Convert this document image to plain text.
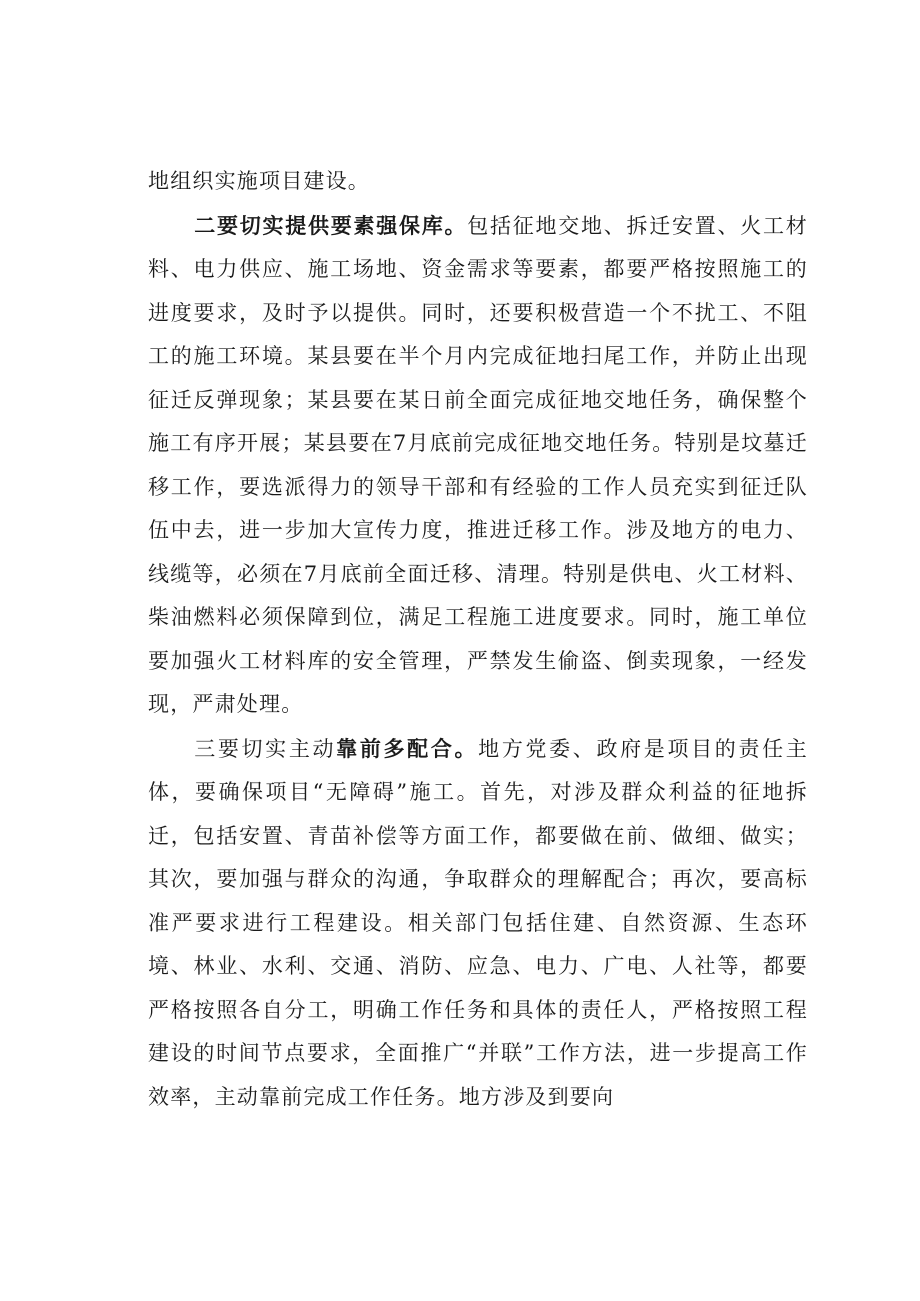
地组织实施项目建设。

二要切实提供要素强保库。包括征地交地、拆迁安置、火工材料、电力供应、施工场地、资金需求等要素，都要严格按照施工的进度要求，及时予以提供。同时，还要积极营造一个不扰工、不阻工的施工环境。某县要在半个月内完成征地扫尾工作，并防止出现征迁反弹现象；某县要在某日前全面完成征地交地任务，确保整个施工有序开展；某县要在7月底前完成征地交地任务。特别是坟墓迁移工作，要选派得力的领导干部和有经验的工作人员充实到征迁队伍中去，进一步加大宣传力度，推进迁移工作。涉及地方的电力、线缆等，必须在7月底前全面迁移、清理。特别是供电、火工材料、柴油燃料必须保障到位，满足工程施工进度要求。同时，施工单位要加强火工材料库的安全管理，严禁发生偷盗、倒卖现象，一经发现，严肃处理。

三要切实主动靠前多配合。地方党委、政府是项目的责任主体，要确保项目“无障碍”施工。首先，对涉及群众利益的征地拆迁，包括安置、青苗补偿等方面工作，都要做在前、做细、做实；其次，要加强与群众的沟通，争取群众的理解配合；再次，要高标准严要求进行工程建设。相关部门包括住建、自然资源、生态环境、林业、水利、交通、消防、应急、电力、广电、人社等，都要严格按照各自分工，明确工作任务和具体的责任人，严格按照工程建设的时间节点要求，全面推广“并联”工作方法，进一步提高工作效率，主动靠前完成工作任务。地方涉及到要向
